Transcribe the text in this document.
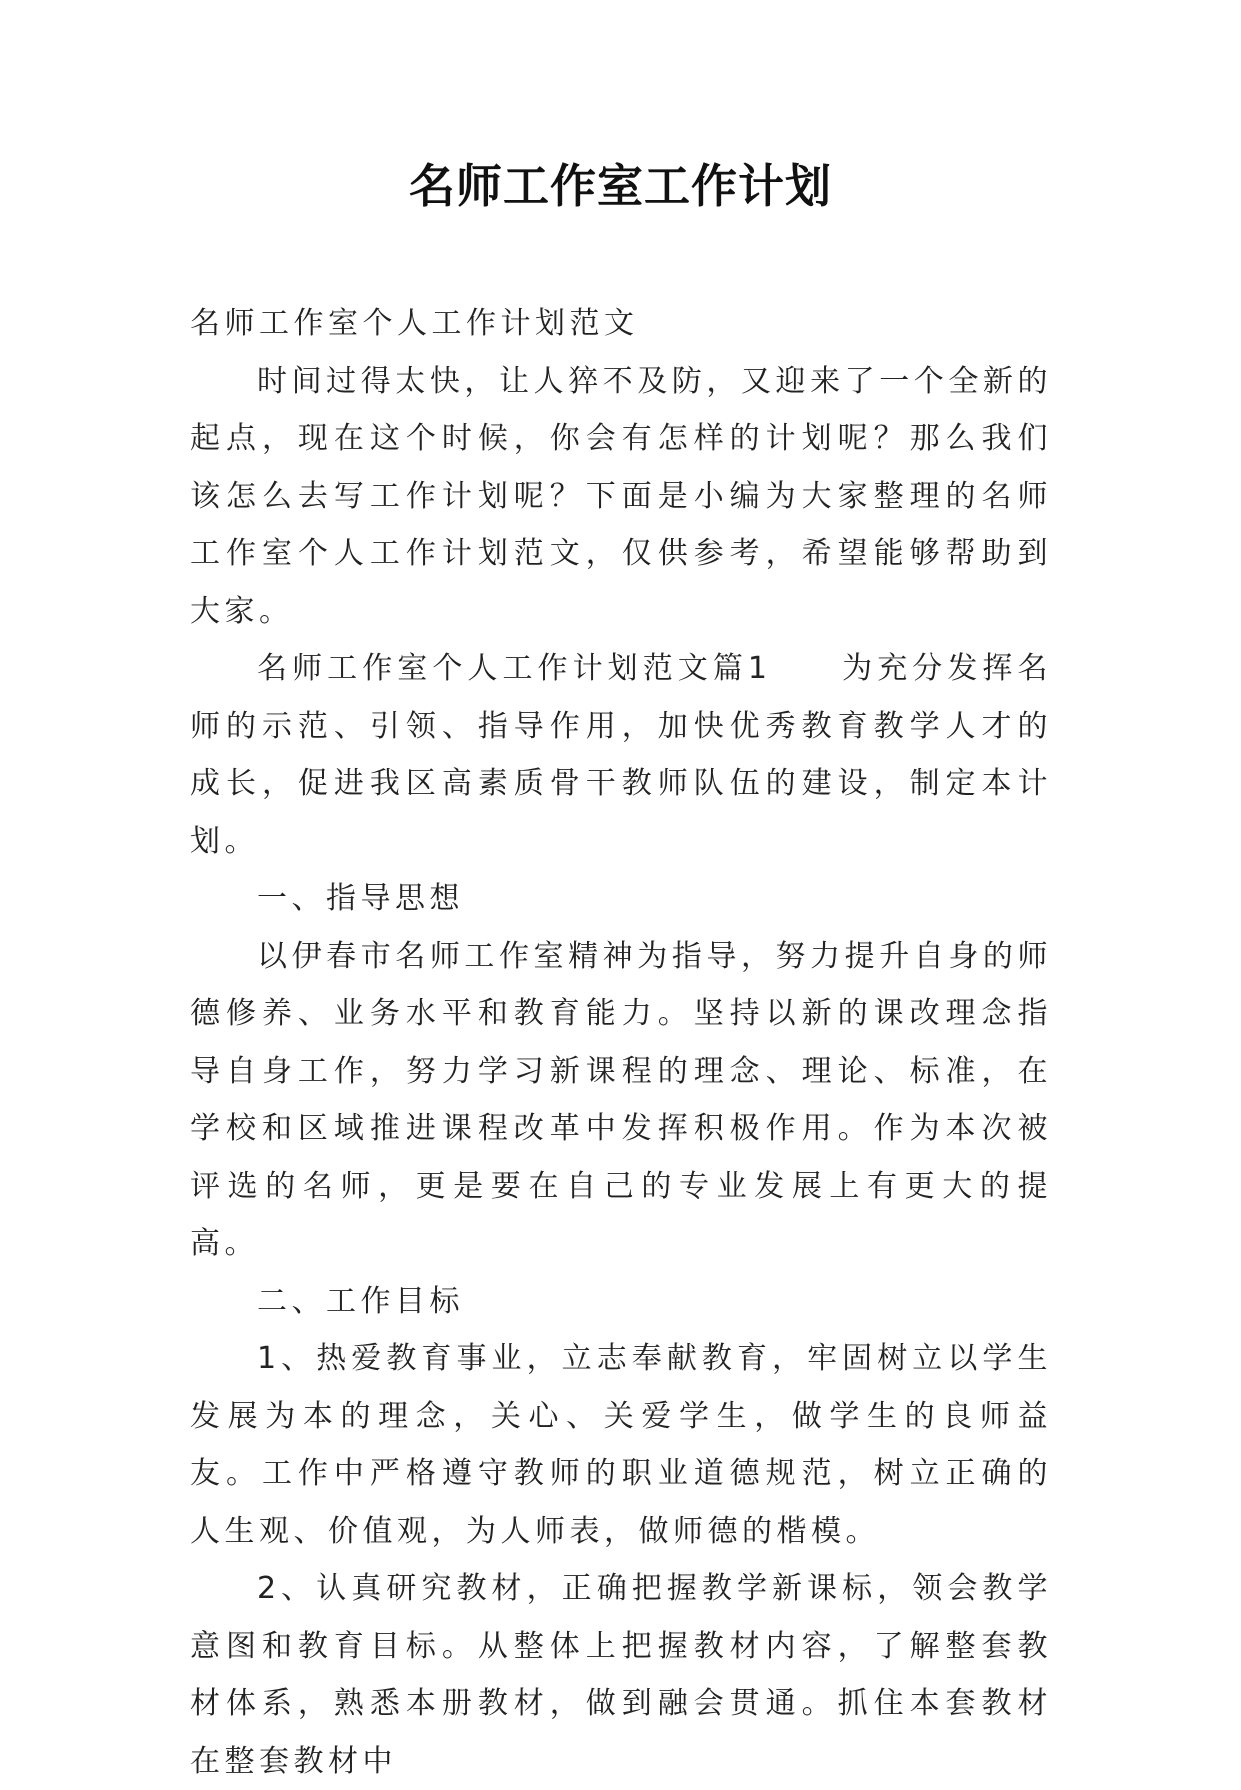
名师工作室工作计划

名师工作室个人工作计划范文

时间过得太快，让人猝不及防，又迎来了一个全新的起点，现在这个时候，你会有怎样的计划呢？那么我们该怎么去写工作计划呢？下面是小编为大家整理的名师工作室个人工作计划范文，仅供参考，希望能够帮助到大家。

名师工作室个人工作计划范文篇1　　为充分发挥名师的示范、引领、指导作用，加快优秀教育教学人才的成长，促进我区高素质骨干教师队伍的建设，制定本计划。

一、指导思想

以伊春市名师工作室精神为指导，努力提升自身的师德修养、业务水平和教育能力。坚持以新的课改理念指导自身工作，努力学习新课程的理念、理论、标准，在学校和区域推进课程改革中发挥积极作用。作为本次被评选的名师，更是要在自己的专业发展上有更大的提高。

二、工作目标

1、热爱教育事业，立志奉献教育，牢固树立以学生发展为本的理念，关心、关爱学生，做学生的良师益友。工作中严格遵守教师的职业道德规范，树立正确的人生观、价值观，为人师表，做师德的楷模。

2、认真研究教材，正确把握教学新课标，领会教学意图和教育目标。从整体上把握教材内容，了解整套教材体系，熟悉本册教材，做到融会贯通。抓住本套教材在整套教材中
